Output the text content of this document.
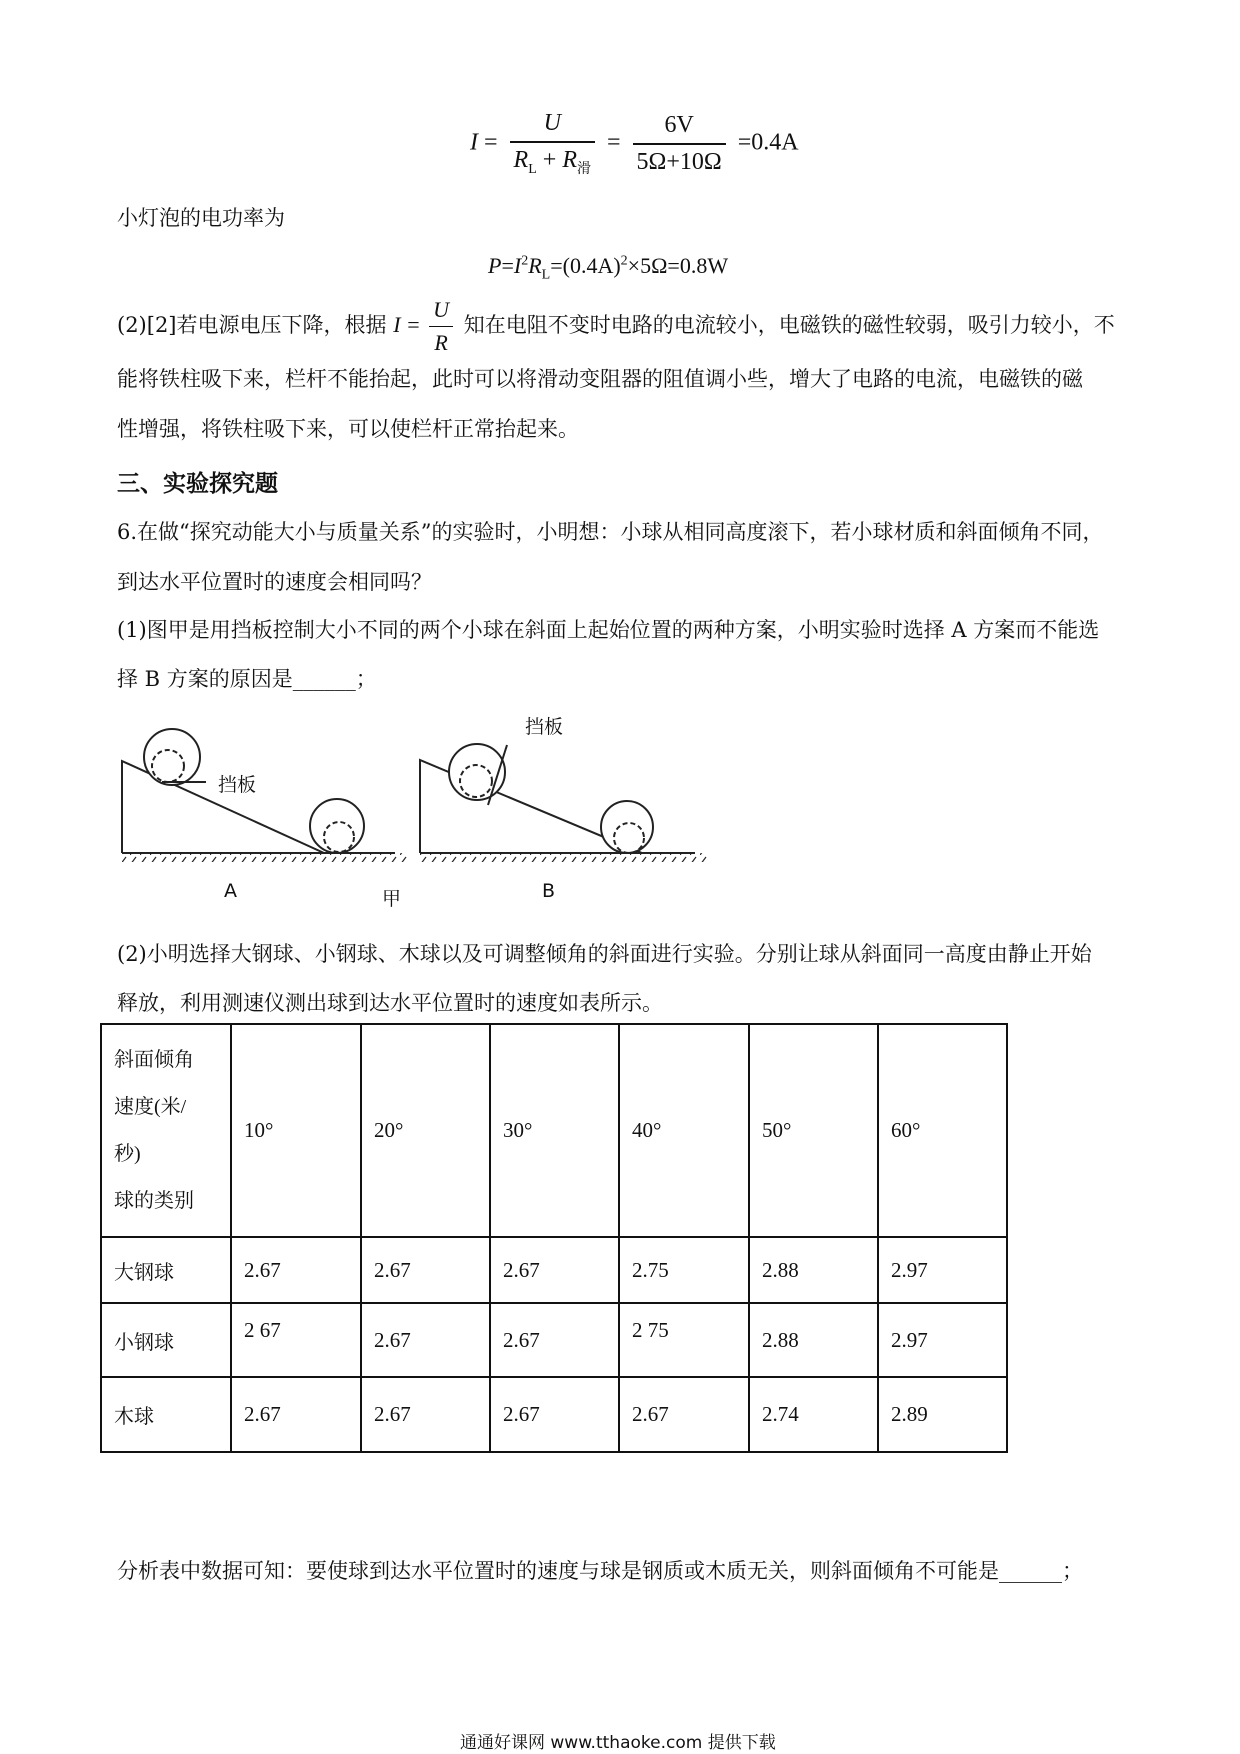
$I = \frac{U}{R_L + R_滑} = \frac{6V}{5\Omega+10\Omega} =0.4A$
小灯泡的电功率为
$P=I^2R_L=(0.4A)^2\times 5\Omega=0.8W$
(2)[2]若电源电压下降，根据 $I = \frac{U}{R}$ 知在电阻不变时电路的电流较小，电磁铁的磁性较弱，吸引力较小，不
能将铁柱吸下来，栏杆不能抬起，此时可以将滑动变阻器的阻值调小些，增大了电路的电流，电磁铁的磁
性增强，将铁柱吸下来，可以使栏杆正常抬起来。
三、实验探究题
6.在做“探究动能大小与质量关系”的实验时，小明想：小球从相同高度滚下，若小球材质和斜面倾角不同，
到达水平位置时的速度会相同吗？
(1)图甲是用挡板控制大小不同的两个小球在斜面上起始位置的两种方案，小明实验时选择 A 方案而不能选
择 B 方案的原因是______；
挡板
A	甲
挡板
B
(2)小明选择大钢球、小钢球、木球以及可调整倾角的斜面进行实验。分别让球从斜面同一高度由静止开始
释放，利用测速仪测出球到达水平位置时的速度如表所示。
斜面倾角
速度(米/
秒)
球的类别	10°	20°	30°	40°	50°	60°
大钢球	2.67	2.67	2.67	2.75	2.88	2.97
小钢球	2 67	2.67	2.67	2 75	2.88	2.97
木球	2.67	2.67	2.67	2.67	2.74	2.89
分析表中数据可知：要使球到达水平位置时的速度与球是钢质或木质无关，则斜面倾角不可能是______；
通通好课网 www.tthaoke.com 提供下载
